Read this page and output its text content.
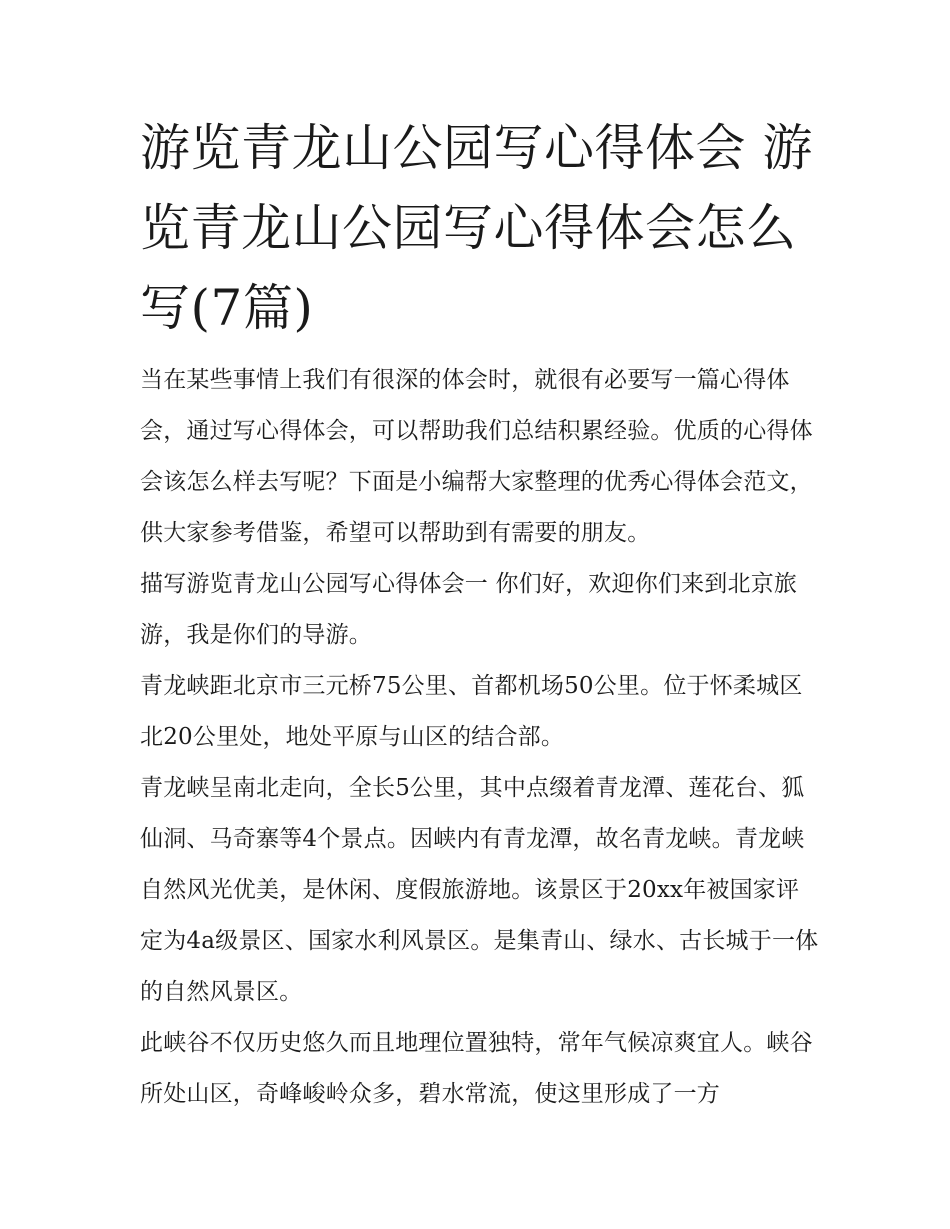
游览青龙山公园写心得体会 游览青龙山公园写心得体会怎么写(7篇)

当在某些事情上我们有很深的体会时，就很有必要写一篇心得体会，通过写心得体会，可以帮助我们总结积累经验。优质的心得体会该怎么样去写呢？下面是小编帮大家整理的优秀心得体会范文，供大家参考借鉴，希望可以帮助到有需要的朋友。

描写游览青龙山公园写心得体会一 你们好，欢迎你们来到北京旅游，我是你们的导游。

青龙峡距北京市三元桥75公里、首都机场50公里。位于怀柔城区北20公里处，地处平原与山区的结合部。

青龙峡呈南北走向，全长5公里，其中点缀着青龙潭、莲花台、狐仙洞、马奇寨等4个景点。因峡内有青龙潭，故名青龙峡。青龙峡自然风光优美，是休闲、度假旅游地。该景区于20xx年被国家评定为4a级景区、国家水利风景区。是集青山、绿水、古长城于一体的自然风景区。

此峡谷不仅历史悠久而且地理位置独特，常年气候凉爽宜人。峡谷所处山区，奇峰峻岭众多，碧水常流，使这里形成了一方
